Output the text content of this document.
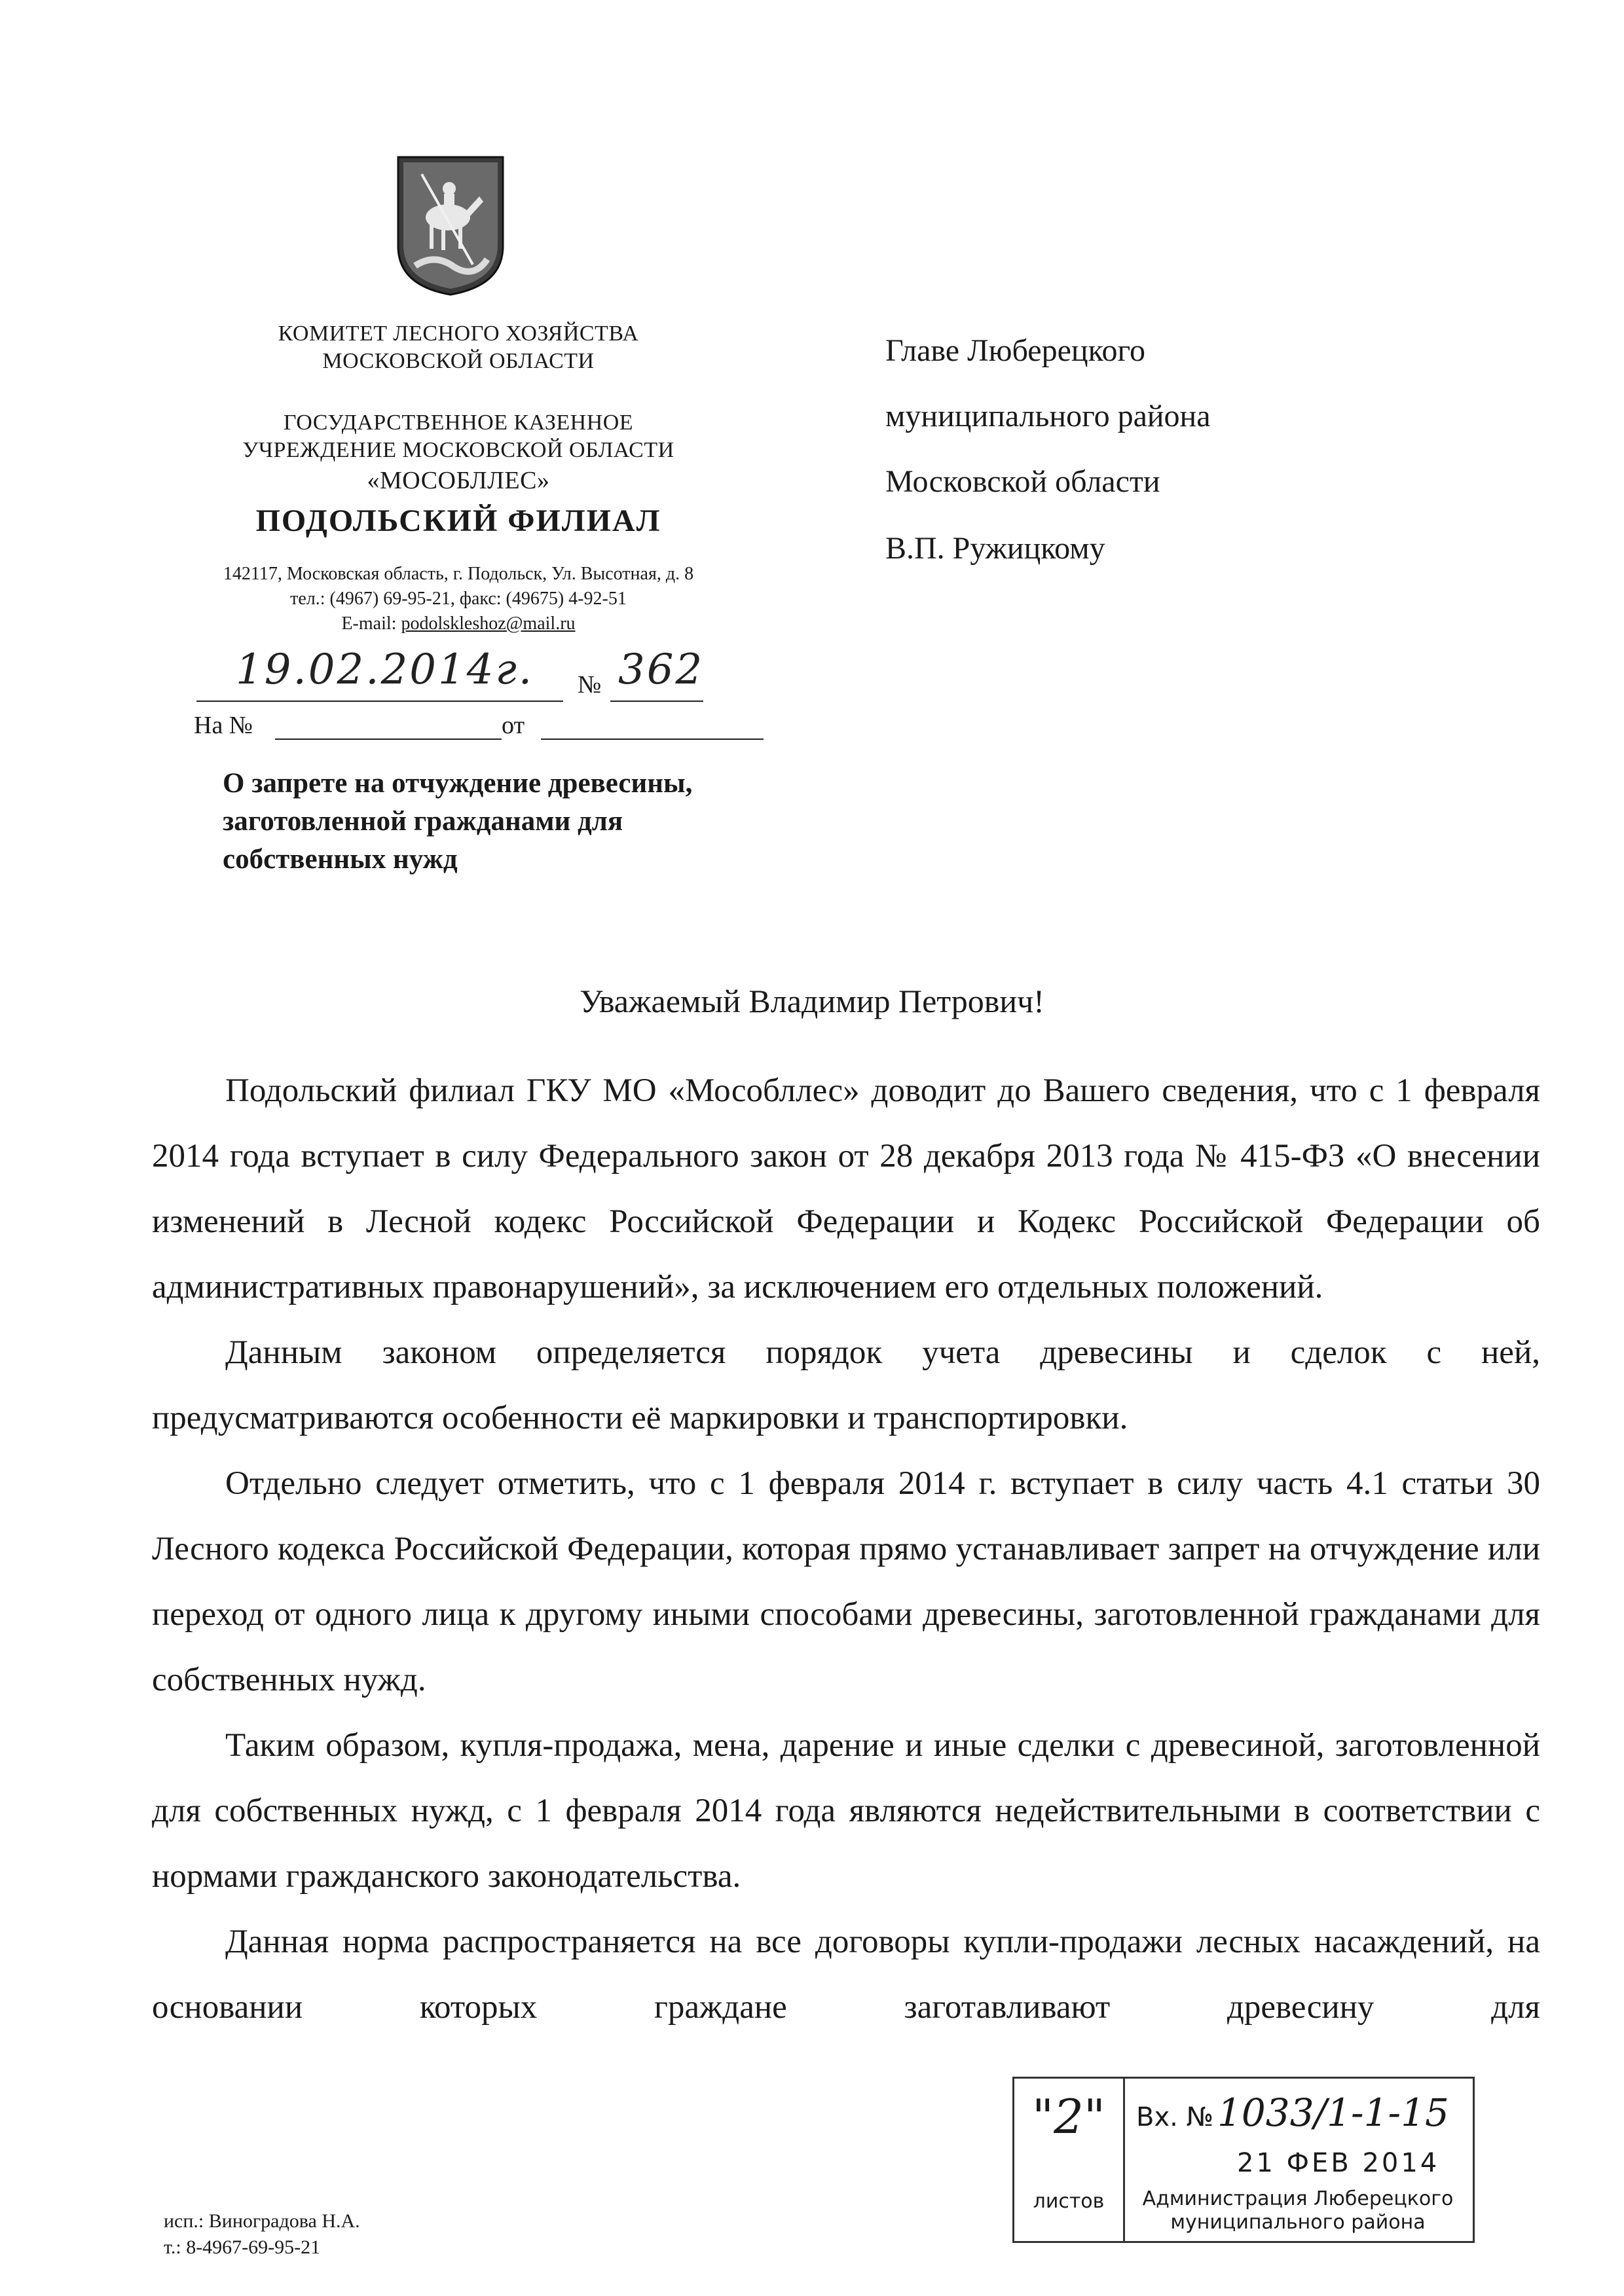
КОМИТЕТ ЛЕСНОГО ХОЗЯЙСТВА
МОСКОВСКОЙ ОБЛАСТИ
ГОСУДАРСТВЕННОЕ КАЗЕННОЕ
УЧРЕЖДЕНИЕ МОСКОВСКОЙ ОБЛАСТИ
«МОСОБЛЛЕС»
ПОДОЛЬСКИЙ ФИЛИАЛ
142117, Московская область, г. Подольск, Ул. Высотная, д. 8
тел.: (4967) 69-95-21, факс: (49675) 4-92-51
E-mail: podolskleshoz@mail.ru
19.02.2014г. № 362
На №	от
Главе Люберецкого
муниципального района
Московской области
В.П. Ружицкому
О запрете на отчуждение древесины,
заготовленной гражданами для
собственных нужд
Уважаемый Владимир Петрович!

Подольский филиал ГКУ МО «Мособллес» доводит до Вашего сведения, что с 1 февраля 2014 года вступает в силу Федерального закон от 28 декабря 2013 года № 415-ФЗ «О внесении изменений в Лесной кодекс Российской Федерации и Кодекс Российской Федерации об административных правонарушений», за исключением его отдельных положений.

Данным законом определяется порядок учета древесины и сделок с ней, предусматриваются особенности её маркировки и транспортировки.

Отдельно следует отметить, что с 1 февраля 2014 г. вступает в силу часть 4.1 статьи 30 Лесного кодекса Российской Федерации, которая прямо устанавливает запрет на отчуждение или переход от одного лица к другому иными способами древесины, заготовленной гражданами для собственных нужд.

Таким образом, купля-продажа, мена, дарение и иные сделки с древесиной, заготовленной для собственных нужд, с 1 февраля 2014 года являются недействительными в соответствии с нормами гражданского законодательства.

Данная норма распространяется на все договоры купли-продажи лесных насаждений, на основании которых граждане заготавливают древесину для

"2"
листов
Вх. № 1033/1-1-15
21 ФЕВ 2014
Администрация Люберецкого
муниципального района
исп.: Виноградова Н.А.
т.: 8-4967-69-95-21
